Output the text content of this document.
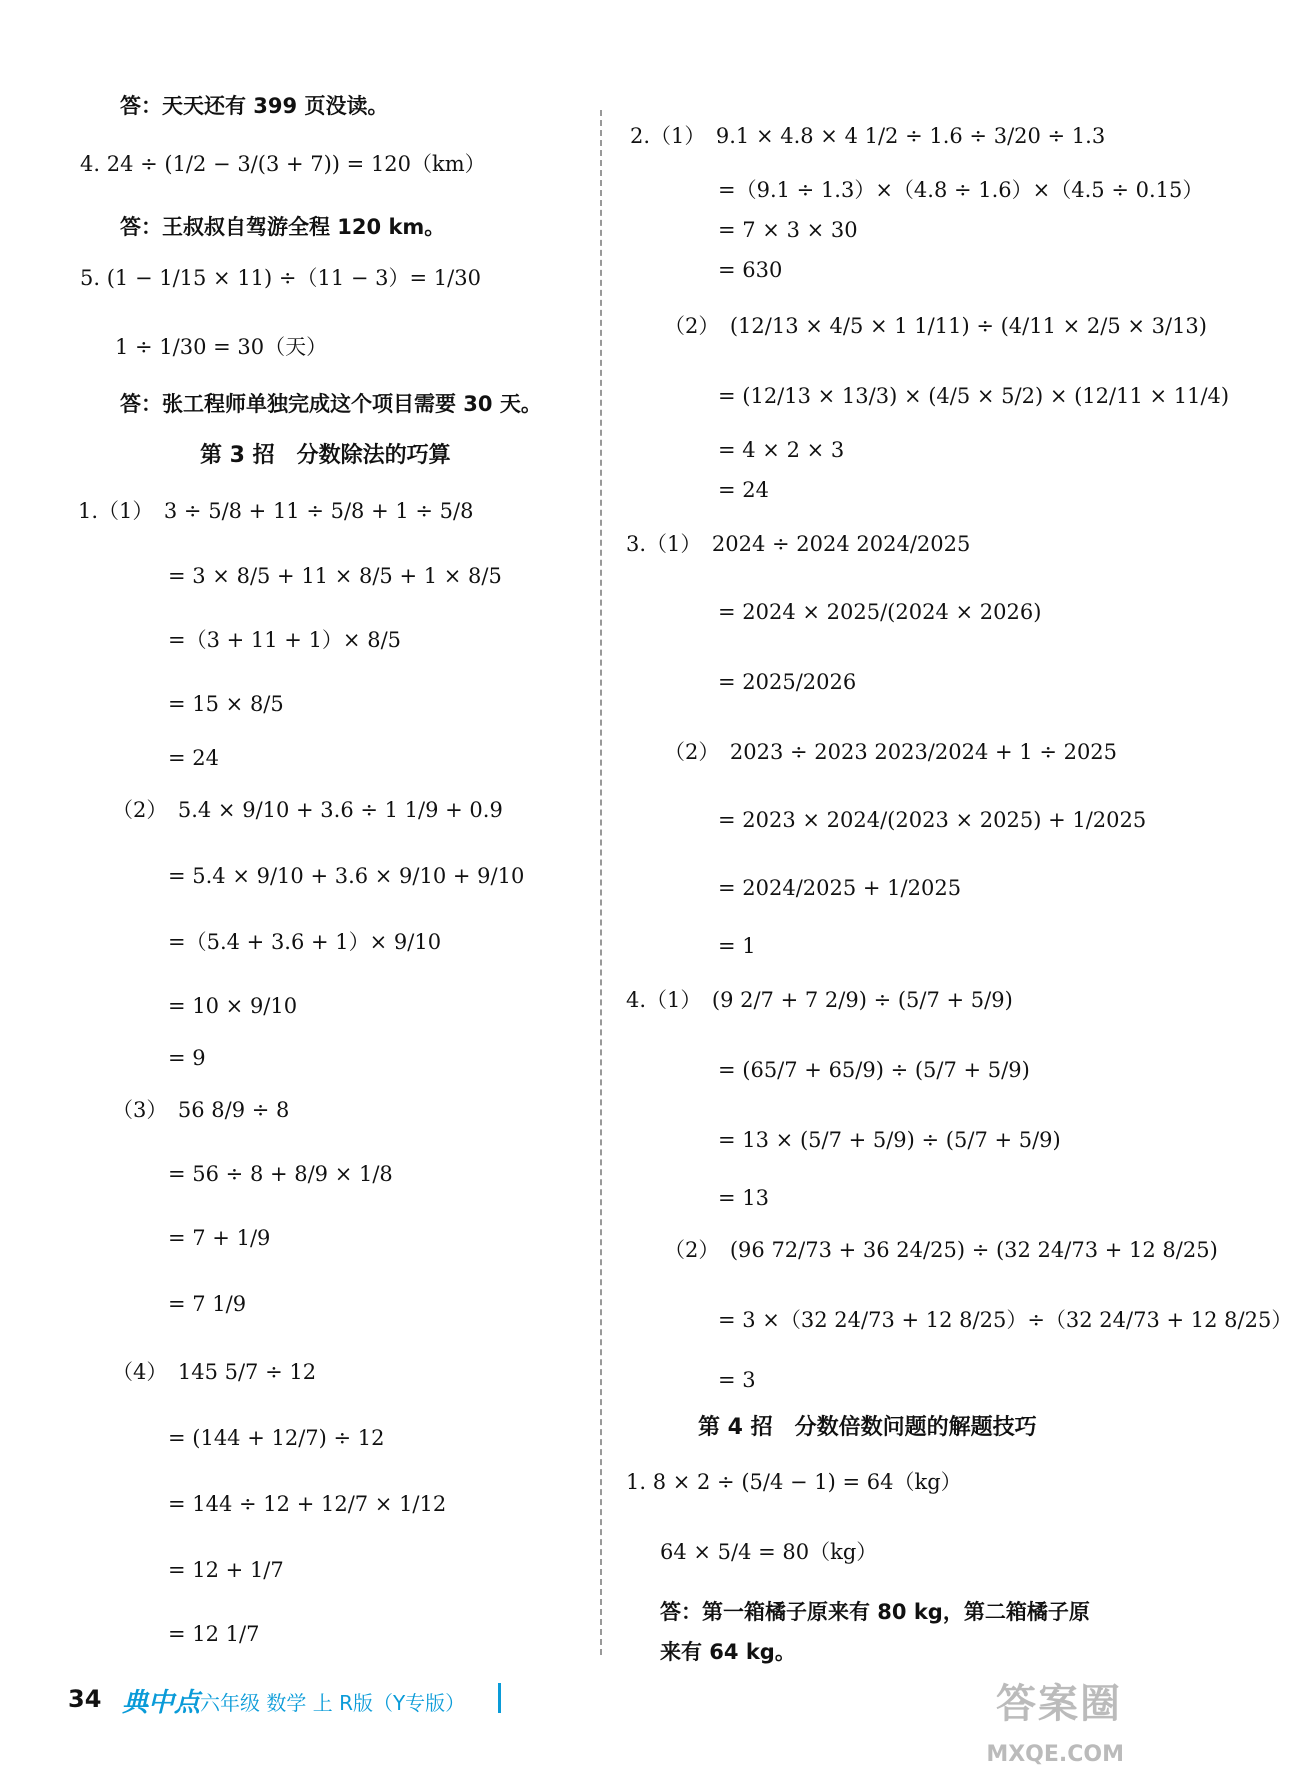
答：天天还有 399 页没读。
4. 24 ÷ (1/2 − 3/(3 + 7)) = 120（km）
答：王叔叔自驾游全程 120 km。
5. (1 − 1/15 × 11) ÷（11 − 3）= 1/30
1 ÷ 1/30 = 30（天）
答：张工程师单独完成这个项目需要 30 天。
第 3 招　分数除法的巧算
1.（1）　3 ÷ 5/8 + 11 ÷ 5/8 + 1 ÷ 5/8
= 3 × 8/5 + 11 × 8/5 + 1 × 8/5
=（3 + 11 + 1）× 8/5
= 15 × 8/5
= 24
（2）　5.4 × 9/10 + 3.6 ÷ 1 1/9 + 0.9
= 5.4 × 9/10 + 3.6 × 9/10 + 9/10
=（5.4 + 3.6 + 1）× 9/10
= 10 × 9/10
= 9
（3）　56 8/9 ÷ 8
= 56 ÷ 8 + 8/9 × 1/8
= 7 + 1/9
= 7 1/9
（4）　145 5/7 ÷ 12
= (144 + 12/7) ÷ 12
= 144 ÷ 12 + 12/7 × 1/12
= 12 + 1/7
= 12 1/7
2.（1）　9.1 × 4.8 × 4 1/2 ÷ 1.6 ÷ 3/20 ÷ 1.3
=（9.1 ÷ 1.3）×（4.8 ÷ 1.6）×（4.5 ÷ 0.15）
= 7 × 3 × 30
= 630
（2）　(12/13 × 4/5 × 1 1/11) ÷ (4/11 × 2/5 × 3/13)
= (12/13 × 13/3) × (4/5 × 5/2) × (12/11 × 11/4)
= 4 × 2 × 3
= 24
3.（1）　2024 ÷ 2024 2024/2025
= 2024 × 2025/(2024 × 2026)
= 2025/2026
（2）　2023 ÷ 2023 2023/2024 + 1 ÷ 2025
= 2023 × 2024/(2023 × 2025) + 1/2025
= 2024/2025 + 1/2025
= 1
4.（1）　(9 2/7 + 7 2/9) ÷ (5/7 + 5/9)
= (65/7 + 65/9) ÷ (5/7 + 5/9)
= 13 × (5/7 + 5/9) ÷ (5/7 + 5/9)
= 13
（2）　(96 72/73 + 36 24/25) ÷ (32 24/73 + 12 8/25)
= 3 ×（32 24/73 + 12 8/25）÷（32 24/73 + 12 8/25）
= 3
第 4 招　分数倍数问题的解题技巧
1. 8 × 2 ÷ (5/4 − 1) = 64（kg）
64 × 5/4 = 80（kg）
答：第一箱橘子原来有 80 kg，第二箱橘子原
来有 64 kg。
34 典中点 六年级 数学 上 R版（Y专版）	答案圈
MXQE.COM
